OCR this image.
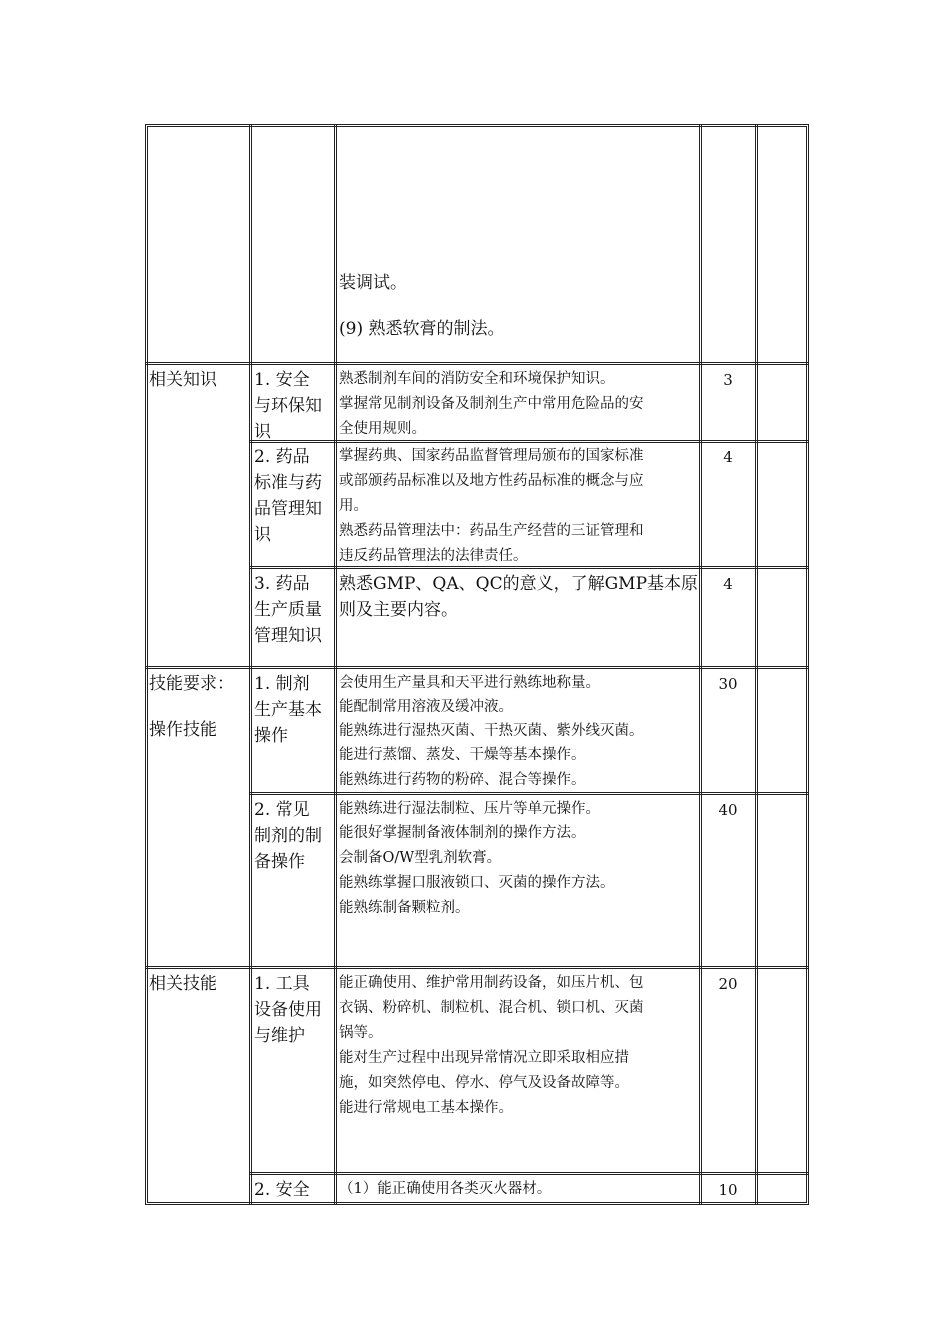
装调试。
(9) 熟悉软膏的制法。
相关知识
技能要求：
操作技能
相关技能
1. 安全
与环保知
识
熟悉制剂车间的消防安全和环境保护知识。
掌握常见制剂设备及制剂生产中常用危险品的安
全使用规则。
3
2. 药品
标准与药
品管理知
识
掌握药典、国家药品监督管理局颁布的国家标准
或部颁药品标准以及地方性药品标准的概念与应
用。
熟悉药品管理法中：药品生产经营的三证管理和
违反药品管理法的法律责任。
4
3. 药品
生产质量
管理知识
熟悉GMP、QA、QC的意义，了解GMP基本原
则及主要内容。
4
1. 制剂
生产基本
操作
会使用生产量具和天平进行熟练地称量。
能配制常用溶液及缓冲液。
能熟练进行湿热灭菌、干热灭菌、紫外线灭菌。
能进行蒸馏、蒸发、干燥等基本操作。
能熟练进行药物的粉碎、混合等操作。
30
2. 常见
制剂的制
备操作
能熟练进行湿法制粒、压片等单元操作。
能很好掌握制备液体制剂的操作方法。
会制备O/W型乳剂软膏。
能熟练掌握口服液锁口、灭菌的操作方法。
能熟练制备颗粒剂。
40
1. 工具
设备使用
与维护
能正确使用、维护常用制药设备，如压片机、包
衣锅、粉碎机、制粒机、混合机、锁口机、灭菌
锅等。
能对生产过程中出现异常情况立即采取相应措
施，如突然停电、停水、停气及设备故障等。
能进行常规电工基本操作。
20
2. 安全 （1）能正确使用各类灭火器材。	10
